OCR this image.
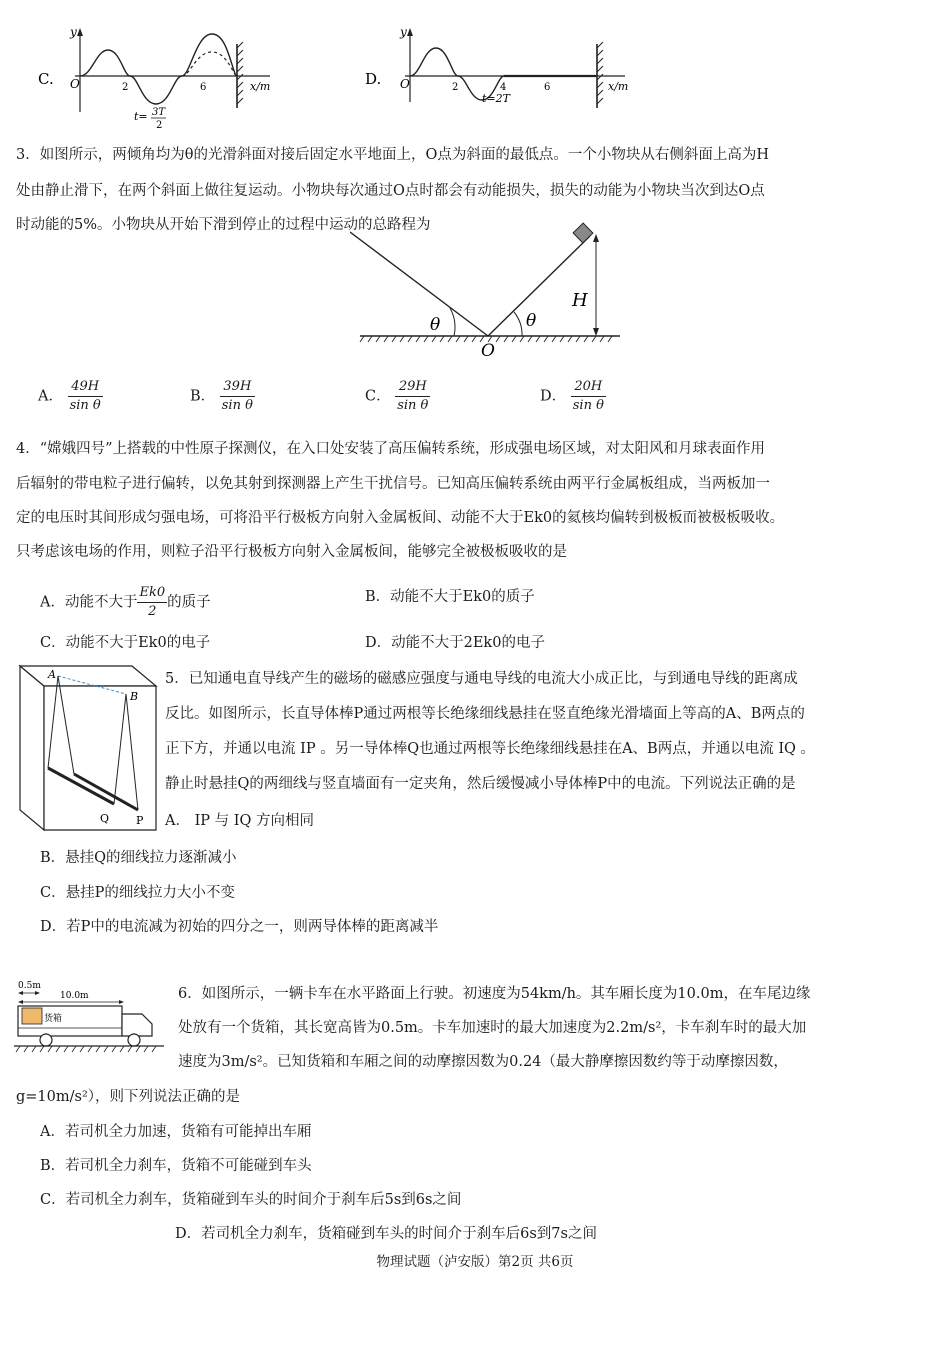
C. O
y
x/m
2	6
t= 3T
2
D. O
y
x/m
2	4	6
t=2T
3．如图所示，两倾角均为θ的光滑斜面对接后固定水平地面上，O点为斜面的最低点。一个小物块从右侧斜面上高为H
处由静止滑下，在两个斜面上做往复运动。小物块每次通过O点时都会有动能损失，损失的动能为小物块当次到达O点
时动能的5%。小物块从开始下滑到停止的过程中运动的总路程为
θ	θ
O
H
A． $\frac{49H}{\text{sin θ}}$	B． $\frac{39H}{\text{sin θ}}$	C． $\frac{29H}{\text{sin θ}}$	D． $\frac{20H}{\text{sin θ}}$
4．“嫦娥四号”上搭载的中性原子探测仪，在入口处安装了高压偏转系统，形成强电场区域，对太阳风和月球表面作用
后辐射的带电粒子进行偏转，以免其射到探测器上产生干扰信号。已知高压偏转系统由两平行金属板组成，当两板加一
定的电压时其间形成匀强电场，可将沿平行极板方向射入金属板间、动能不大于Ek0的氦核均偏转到极板而被极板吸收。
只考虑该电场的作用，则粒子沿平行极板方向射入金属板间，能够完全被极板吸收的是
A．动能不大于 $\frac{Ek0}{2}$ 的质子	B．动能不大于Ek0的质子
C．动能不大于Ek0的电子	D．动能不大于2Ek0的电子
A
B
Q P
5．已知通电直导线产生的磁场的磁感应强度与通电导线的电流大小成正比，与到通电导线的距离成
反比。如图所示，长直导体棒P通过两根等长绝缘细线悬挂在竖直绝缘光滑墙面上等高的A、B两点的
正下方，并通以电流 IP 。另一导体棒Q也通过两根等长绝缘细线悬挂在A、B两点，并通以电流 IQ 。
静止时悬挂Q的两细线与竖直墙面有一定夹角，然后缓慢减小导体棒P中的电流。下列说法正确的是
A． IP 与 IQ 方向相同
B．悬挂Q的细线拉力逐渐减小
C．悬挂P的细线拉力大小不变
D．若P中的电流减为初始的四分之一，则两导体棒的距离减半
0.5m
10.0m
货箱
6．如图所示，一辆卡车在水平路面上行驶。初速度为54km/h。其车厢长度为10.0m，在车尾边缘
处放有一个货箱，其长宽高皆为0.5m。卡车加速时的最大加速度为2.2m/s²，卡车刹车时的最大加
速度为3m/s²。已知货箱和车厢之间的动摩擦因数为0.24（最大静摩擦因数约等于动摩擦因数，
g=10m/s²），则下列说法正确的是
A．若司机全力加速，货箱有可能掉出车厢
B．若司机全力刹车，货箱不可能碰到车头
C．若司机全力刹车，货箱碰到车头的时间介于刹车后5s到6s之间
D．若司机全力刹车，货箱碰到车头的时间介于刹车后6s到7s之间
物理试题（泸安版）第2页 共6页
